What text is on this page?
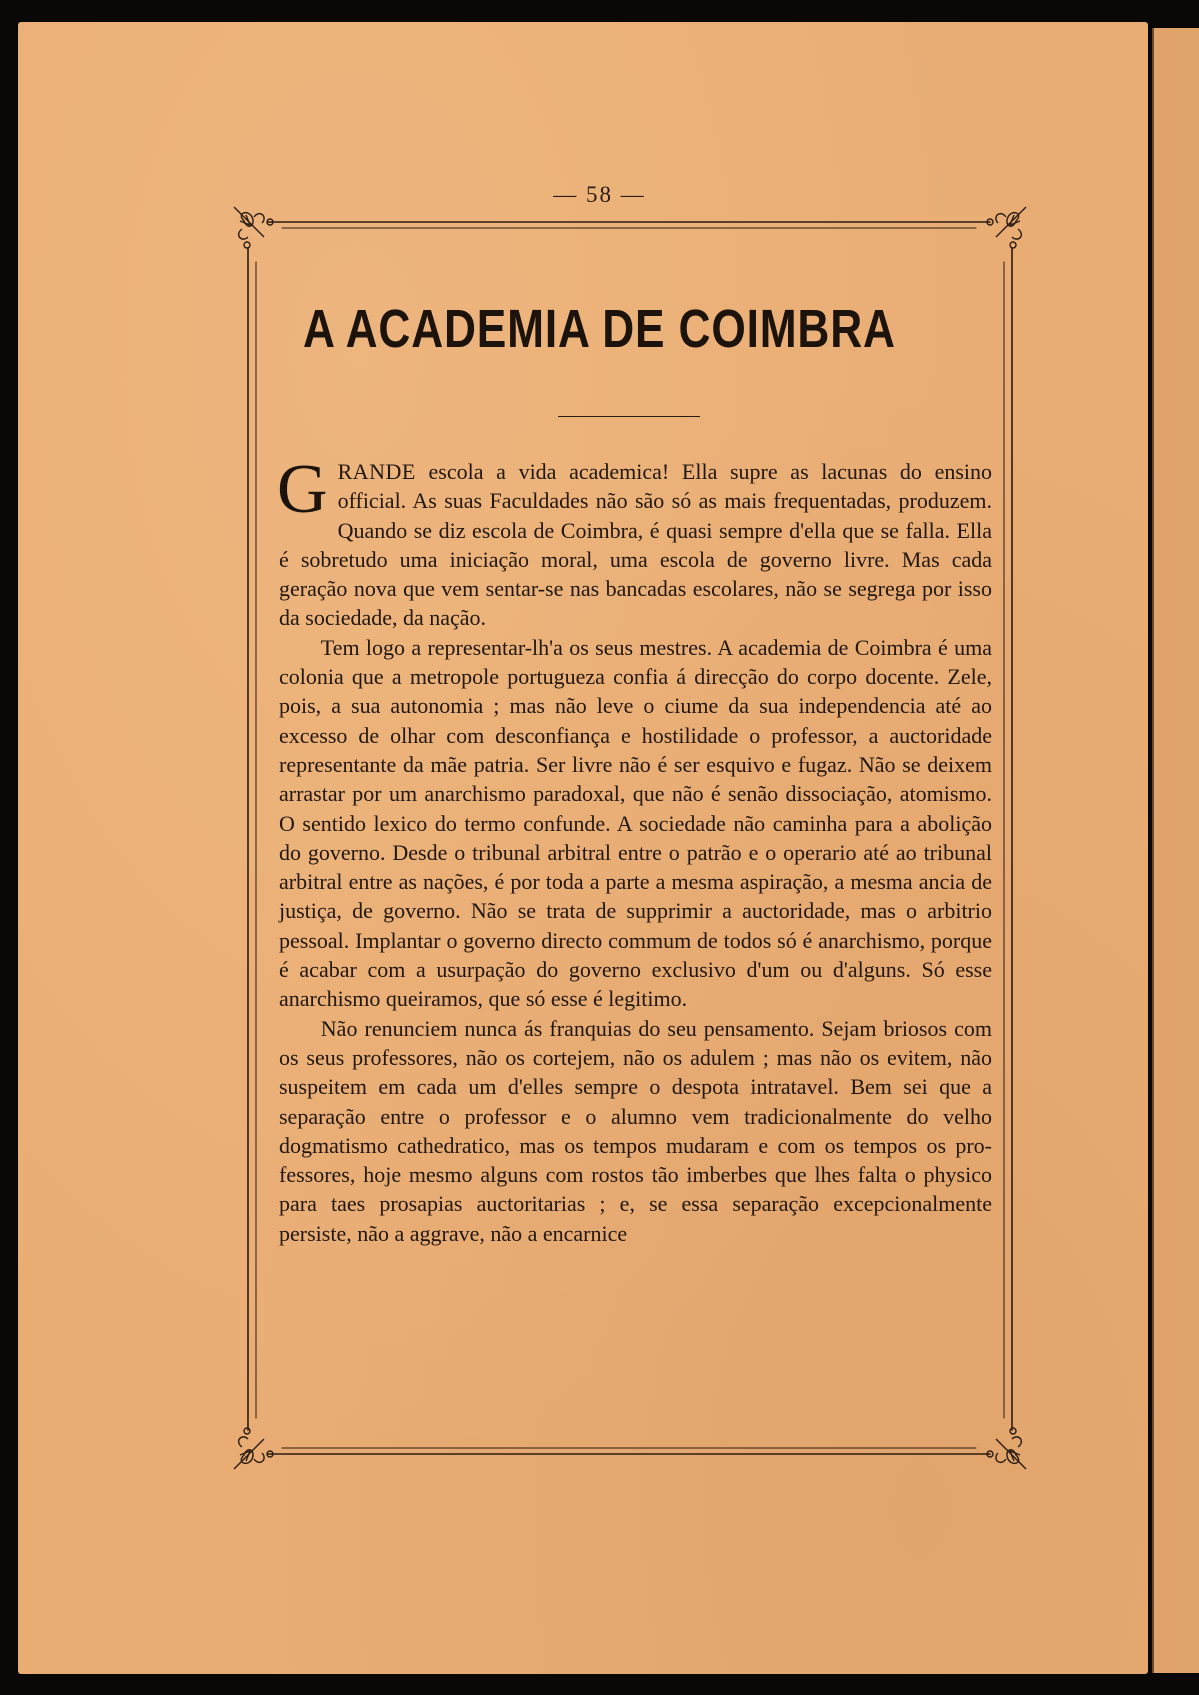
— 58 —
A ACADEMIA DE COIMBRA

GRANDE escola a vida academica! Ella supre as lacunas do ensino official. As suas Faculdades não são só as mais frequentadas, produzem. Quando se diz escola de Coimbra, é quasi sempre d'ella que se falla. Ella é sobretudo uma iniciação moral, uma escola de governo livre. Mas cada geração nova que vem sentar-se nas bancadas escolares, não se segrega por isso da sociedade, da nação.

Tem logo a representar-lh'a os seus mestres. A academia de Coimbra é uma colonia que a metropole portugueza confia á direcção do corpo docente. Zele, pois, a sua autonomia ; mas não leve o ciume da sua independencia até ao excesso de olhar com desconfiança e hostilidade o professor, a auctoridade representante da mãe patria. Ser livre não é ser esquivo e fugaz. Não se deixem arrastar por um anarchismo paradoxal, que não é senão dissociação, atomismo. O sentido lexico do termo confunde. A sociedade não caminha para a abolição do governo. Desde o tribunal arbitral entre o patrão e o operario até ao tribunal arbitral entre as nações, é por toda a parte a mesma aspiração, a mesma ancia de justiça, de governo. Não se trata de supprimir a auctoridade, mas o arbitrio pessoal. Implantar o governo directo commum de todos só é anarchismo, porque é acabar com a usurpação do governo exclusivo d'um ou d'alguns. Só esse anarchismo queiramos, que só esse é legitimo.

Não renunciem nunca ás franquias do seu pensamento. Sejam briosos com os seus professores, não os cortejem, não os adulem ; mas não os evitem, não suspeitem em cada um d'elles sempre o despota intratavel. Bem sei que a separação entre o professor e o alumno vem tradicionalmente do velho dogmatismo cathedratico, mas os tempos mudaram e com os tempos os professores, hoje mesmo alguns com rostos tão imberbes que lhes falta o physico para taes prosapias auctoritarias ; e, se essa separação excepcionalmente persiste, não a aggrave, não a encarnice
